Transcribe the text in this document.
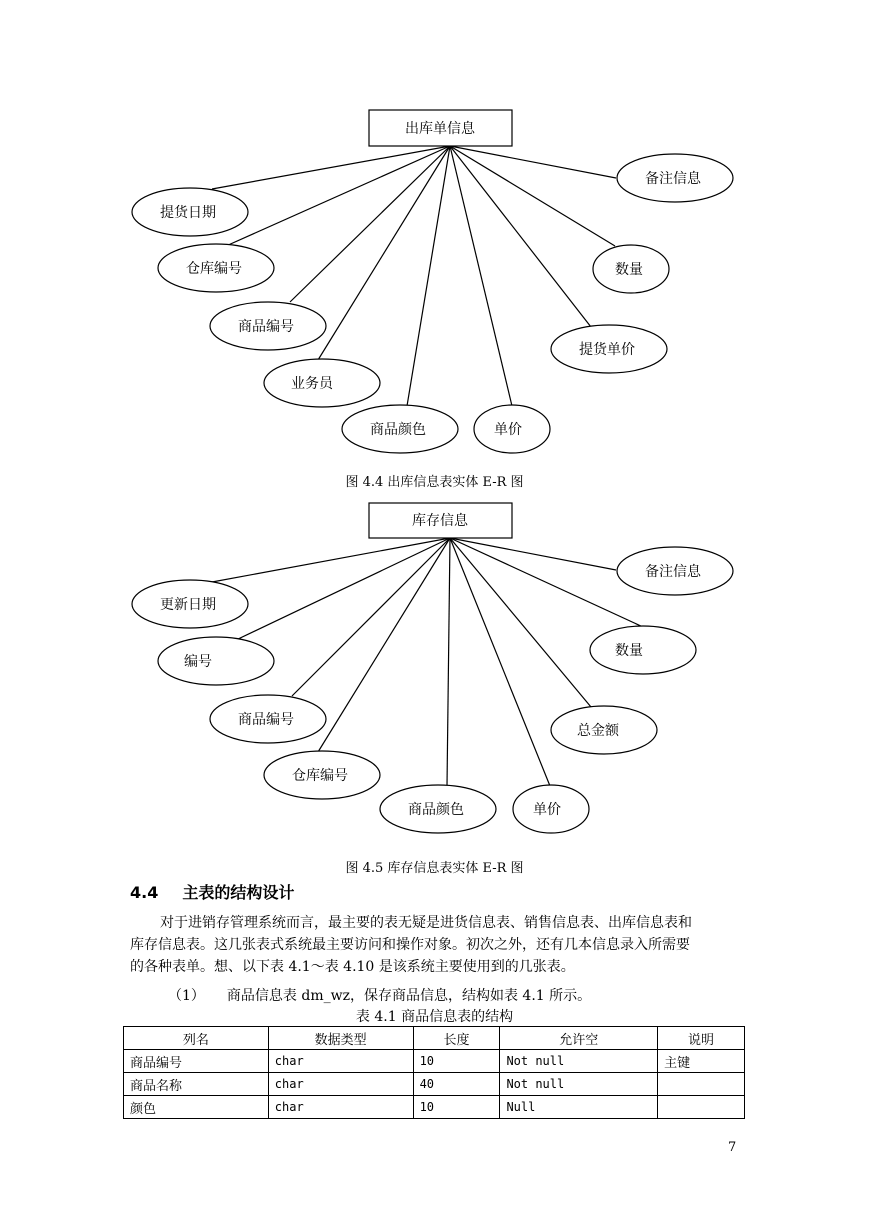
出库单信息
提货日期
仓库编号
商品编号
业务员
商品颜色	单价
提货单价
数量
备注信息
图 4.4 出库信息表实体 E-R 图
库存信息
更新日期
编号
商品编号
仓库编号
商品颜色	单价
总金额
数量
备注信息
图 4.5 库存信息表实体 E-R 图
4.4 主表的结构设计
对于进销存管理系统而言，最主要的表无疑是进货信息表、销售信息表、出库信息表和
库存信息表。这几张表式系统最主要访问和操作对象。初次之外，还有几本信息录入所需要
的各种表单。想、以下表 4.1～表 4.10 是该系统主要使用到的几张表。
（1） 商品信息表 dm_wz，保存商品信息，结构如表 4.1 所示。
表 4.1 商品信息表的结构
列名	数据类型	长度	允许空	说明
商品编号	char	10	Not null	主键
商品名称	char	40	Not null	
颜色	char	10	Null	
7
